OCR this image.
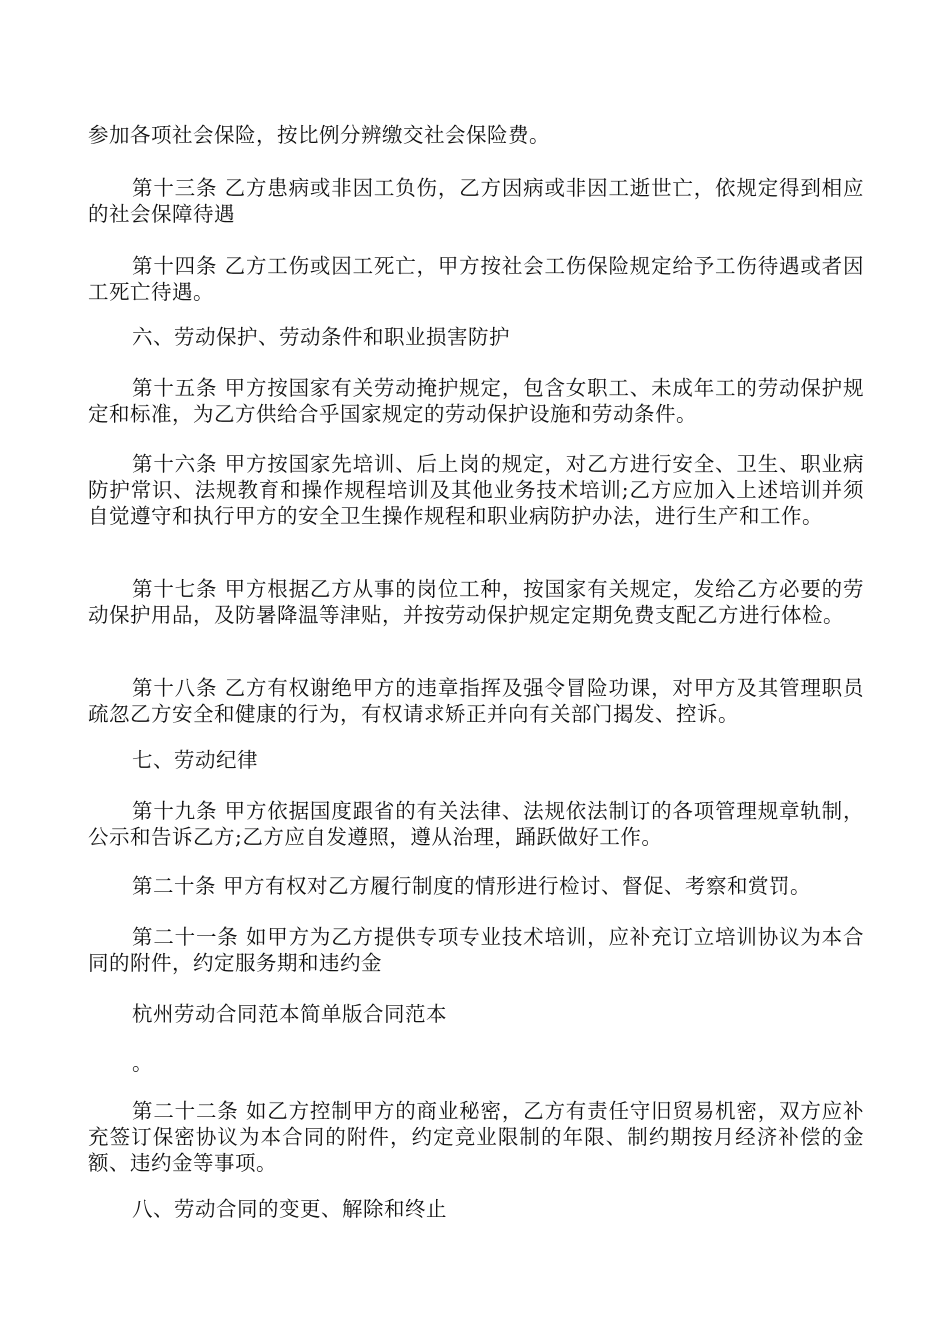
参加各项社会保险，按比例分辨缴交社会保险费。

第十三条 乙方患病或非因工负伤，乙方因病或非因工逝世亡，依规定得到相应的社会保障待遇

第十四条 乙方工伤或因工死亡，甲方按社会工伤保险规定给予工伤待遇或者因工死亡待遇。

六、劳动保护、劳动条件和职业损害防护

第十五条 甲方按国家有关劳动掩护规定，包含女职工、未成年工的劳动保护规定和标准，为乙方供给合乎国家规定的劳动保护设施和劳动条件。

第十六条 甲方按国家先培训、后上岗的规定，对乙方进行安全、卫生、职业病防护常识、法规教育和操作规程培训及其他业务技术培训;乙方应加入上述培训并须自觉遵守和执行甲方的安全卫生操作规程和职业病防护办法，进行生产和工作。

第十七条 甲方根据乙方从事的岗位工种，按国家有关规定，发给乙方必要的劳动保护用品，及防暑降温等津贴，并按劳动保护规定定期免费支配乙方进行体检。

第十八条 乙方有权谢绝甲方的违章指挥及强令冒险功课，对甲方及其管理职员疏忽乙方安全和健康的行为，有权请求矫正并向有关部门揭发、控诉。

七、劳动纪律

第十九条 甲方依据国度跟省的有关法律、法规依法制订的各项管理规章轨制，公示和告诉乙方;乙方应自发遵照，遵从治理，踊跃做好工作。

第二十条 甲方有权对乙方履行制度的情形进行检讨、督促、考察和赏罚。

第二十一条 如甲方为乙方提供专项专业技术培训，应补充订立培训协议为本合同的附件，约定服务期和违约金

杭州劳动合同范本简单版合同范本

。

第二十二条 如乙方控制甲方的商业秘密，乙方有责任守旧贸易机密，双方应补充签订保密协议为本合同的附件，约定竞业限制的年限、制约期按月经济补偿的金额、违约金等事项。

八、劳动合同的变更、解除和终止
